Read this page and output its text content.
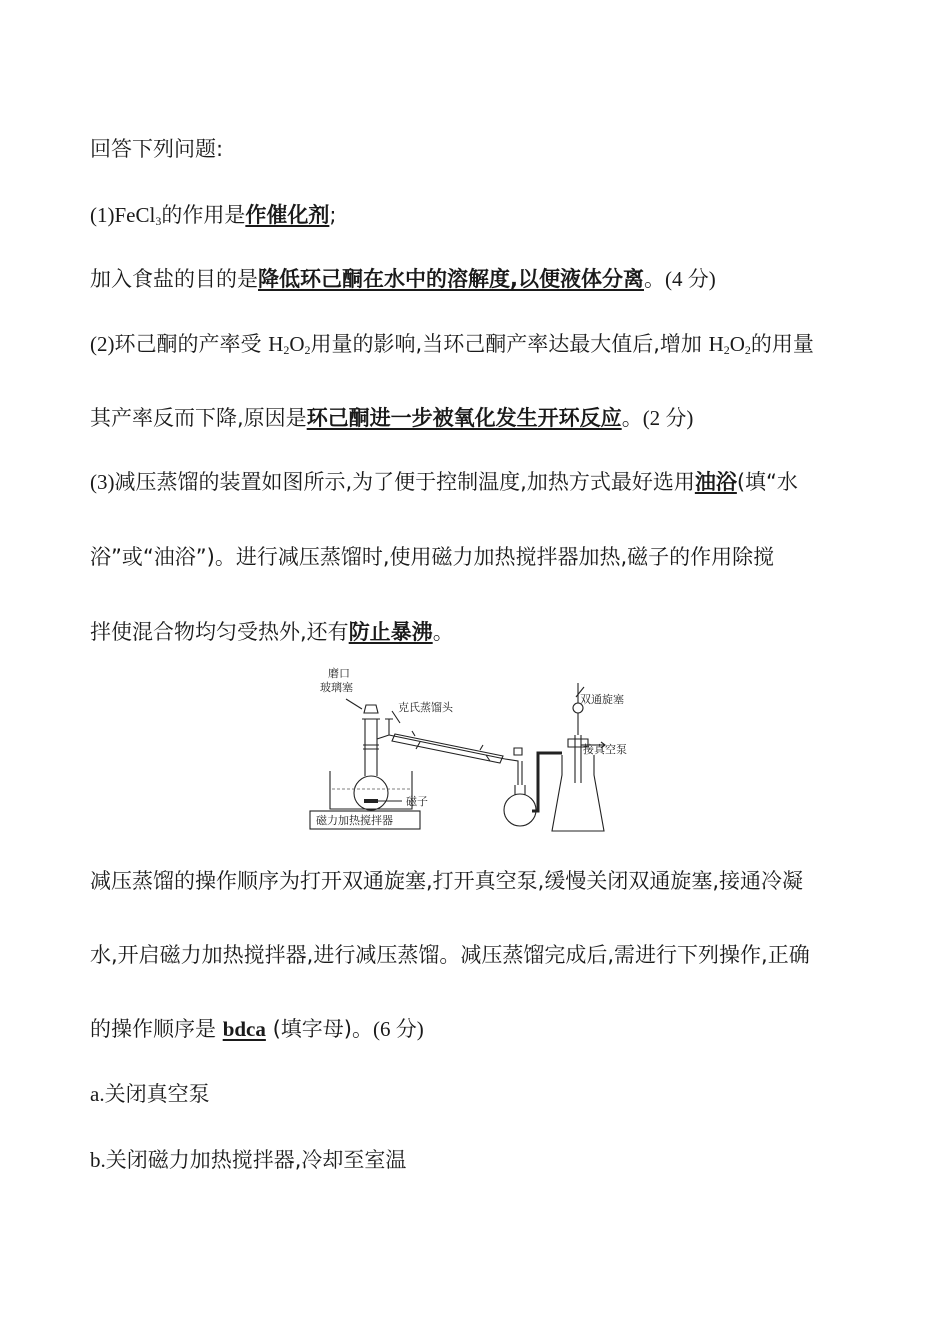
回答下列问题:
(1)FeCl$_3$的作用是作催化剂;
加入食盐的目的是降低环己酮在水中的溶解度,以便液体分离。(4 分)
(2)环己酮的产率受 $H_2O_2$用量的影响,当环己酮产率达最大值后,增加 $H_2O_2$的用量
其产率反而下降,原因是环己酮进一步被氧化发生开环反应。(2 分)
(3)减压蒸馏的装置如图所示,为了便于控制温度,加热方式最好选用油浴(填“水
浴”或“油浴”)。进行减压蒸馏时,使用磁力加热搅拌器加热,磁子的作用除搅
拌使混合物均匀受热外,还有防止暴沸。
磨口
玻璃塞
克氏蒸馏头
双通旋塞
接真空泵
磁子
磁力加热搅拌器
减压蒸馏的操作顺序为打开双通旋塞,打开真空泵,缓慢关闭双通旋塞,接通冷凝
水,开启磁力加热搅拌器,进行减压蒸馏。减压蒸馏完成后,需进行下列操作,正确
的操作顺序是 bdca (填字母)。(6 分)
a.关闭真空泵
b.关闭磁力加热搅拌器,冷却至室温
